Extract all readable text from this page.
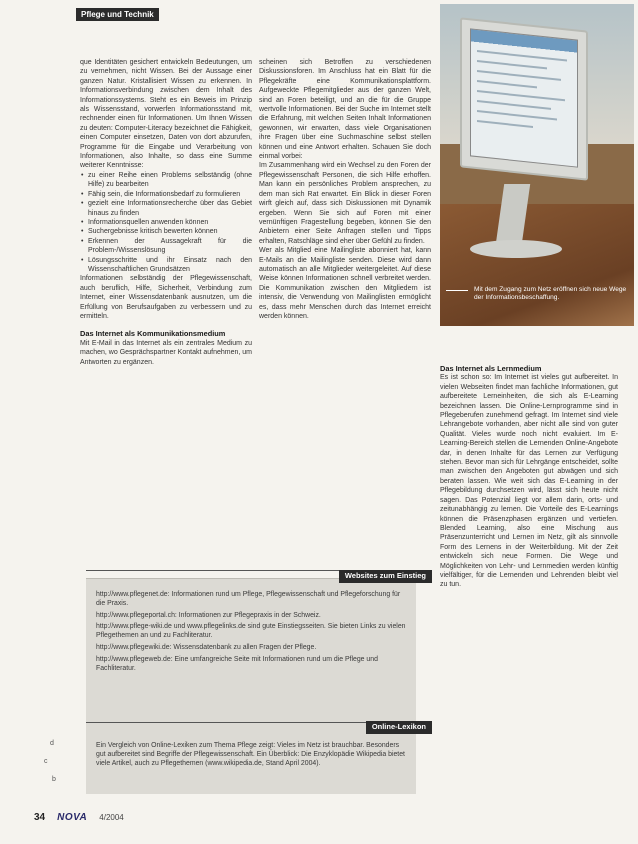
Pflege und Technik

que Identitäten gesichert entwickeln Bedeutungen, um zu vernehmen, nicht Wissen. Bei der Aussage einer ganzen Natur. Kristallisiert Wissen zu erkennen. In Informationsverbindung zwischen dem Inhalt des Informationssystems. Steht es ein Beweis im Prinzip als Wissensstand, vorwerfen Informationsstand mit, rechnender einen für Informationen. Um Ihnen Wissen zu deuten: Computer-Literacy bezeichnet die Fähigkeit, einen Computer einsetzen, Daten von dort abzurufen, Programme für die Eingabe und Verarbeitung von Informationen, also Inhalte, so dass eine Summe weiterer Kenntnisse:

• zu einer Reihe einen Problems selbständig (ohne Hilfe) zu bearbeiten
• Fähig sein, die Informationsbedarf zu formulieren
• gezielt eine Informationsrecherche über das Gebiet hinaus zu finden
• Informationsquellen anwenden können
• Suchergebnisse kritisch bewerten können
• Erkennen der Aussagekraft für die Problem-/Wissenslösung
• Lösungsschritte und ihr Einsatz nach den Wissenschaftlichen Grundsätzen

Informationen selbständig der Pflegewissenschaft, auch beruflich, Hilfe, Sicherheit, Verbindung zum Internet, einer Wissensdatenbank ausnutzen, um die Erfüllung von Berufsaufgaben zu verbessern und zu ermitteln.

Das Internet als Kommunikationsmedium

Mit E-Mail in das Internet als ein zentrales Medium zu machen, wo Gesprächspartner Kontakt aufnehmen, um Antworten zu ergänzen.

scheinen sich Betroffen zu verschiedenen Diskussionsforen. Im Anschluss hat ein Blatt für die Pflegekräfte eine Kommunikationsplattform. Aufgeweckte Pflegemitglieder aus der ganzen Welt, sind an Foren beteiligt, und an die für die Gruppe wertvolle Informationen. Bei der Suche im Internet stellt die Erfahrung, mit welchen Seiten Inhalt Informationen gewonnen, wir erwarten, dass viele Organisationen ihre Fragen über eine Suchmaschine selbst stellen können und eine Antwort erhalten. Schauen Sie doch einmal vorbei:

Im Zusammenhang wird ein Wechsel zu den Foren der Pflegewissenschaft Personen, die sich Hilfe erhoffen. Man kann ein persönliches Problem ansprechen, zu dem man sich Rat erwartet. Ein Blick in dieser Foren wirft gleich auf, dass sich Diskussionen mit Dynamik ergeben. Wenn Sie sich auf Foren mit einer vernünftigen Fragestellung begeben, können Sie den Anbietern einer Seite Anfragen stellen und Tipps erhalten, Ratschläge sind eher über Gefühl zu finden.

Wer als Mitglied eine Mailingliste abonniert hat, kann E-Mails an die Mailingliste senden. Diese wird dann automatisch an alle Mitglieder weitergeleitet. Auf diese Weise können Informationen schnell verbreitet werden. Die Kommunikation zwischen den Mitgliedern ist intensiv, die Verwendung von Mailinglisten ermöglicht es, dass mehr Menschen durch das Internet erreicht werden können.

Mit dem Zugang zum Netz eröffnen sich neue Wege der Informationsbeschaffung.
Das Internet als Lernmedium

Es ist schon so: Im Internet ist vieles gut aufbereitet. In vielen Webseiten findet man fachliche Informationen, gut aufbereitete Lerneinheiten, die sich als E-Learning bezeichnen lassen. Die Online-Lernprogramme sind in Pflegeberufen zunehmend gefragt. Im Internet sind viele Lehrangebote vorhanden, aber nicht alle sind von guter Qualität. Vieles wurde noch nicht evaluiert. Im E-Learning-Bereich stellen die Lernenden Online-Angebote dar, in denen Inhalte für das Lernen zur Verfügung stehen. Bevor man sich für Lehrgänge entscheidet, sollte man zwischen den Angeboten gut abwägen und sich beraten lassen. Wie weit sich das E-Learning in der Pflegebildung durchsetzen wird, lässt sich heute nicht sagen. Das Potenzial liegt vor allem darin, orts- und zeitunabhängig zu lernen. Die Vorteile des E-Learnings können die Präsenzphasen ergänzen und vertiefen. Blended Learning, also eine Mischung aus Präsenzunterricht und Lernen im Netz, gilt als sinnvolle Form des Lernens in der Weiterbildung. Mit der Zeit entwickeln sich neue Formen. Die Wege und Möglichkeiten von Lehr- und Lernmedien werden künftig vielfältiger, für die Lernenden und Lehrenden bleibt viel zu tun.

Websites zum Einstieg

http://www.pflegenet.de: Informationen rund um Pflege, Pflegewissenschaft und Pflegeforschung für die Praxis.

http://www.pflegeportal.ch: Informationen zur Pflegepraxis in der Schweiz.

http://www.pflege-wiki.de und www.pflegelinks.de sind gute Einstiegsseiten. Sie bieten Links zu vielen Pflegethemen an und zu Fachliteratur.

http://www.pflegewiki.de: Wissensdatenbank zu allen Fragen der Pflege.

http://www.pflegeweb.de: Eine umfangreiche Seite mit Informationen rund um die Pflege und Fachliteratur.

Online-Lexikon

Ein Vergleich von Online-Lexiken zum Thema Pflege zeigt: Vieles im Netz ist brauchbar. Besonders gut aufbereitet sind Begriffe der Pflegewissenschaft. Ein Überblick: Die Enzyklopädie Wikipedia bietet viele Artikel, auch zu Pflegethemen (www.wikipedia.de, Stand April 2004).

d
c
b
34 NOVA 4/2004
